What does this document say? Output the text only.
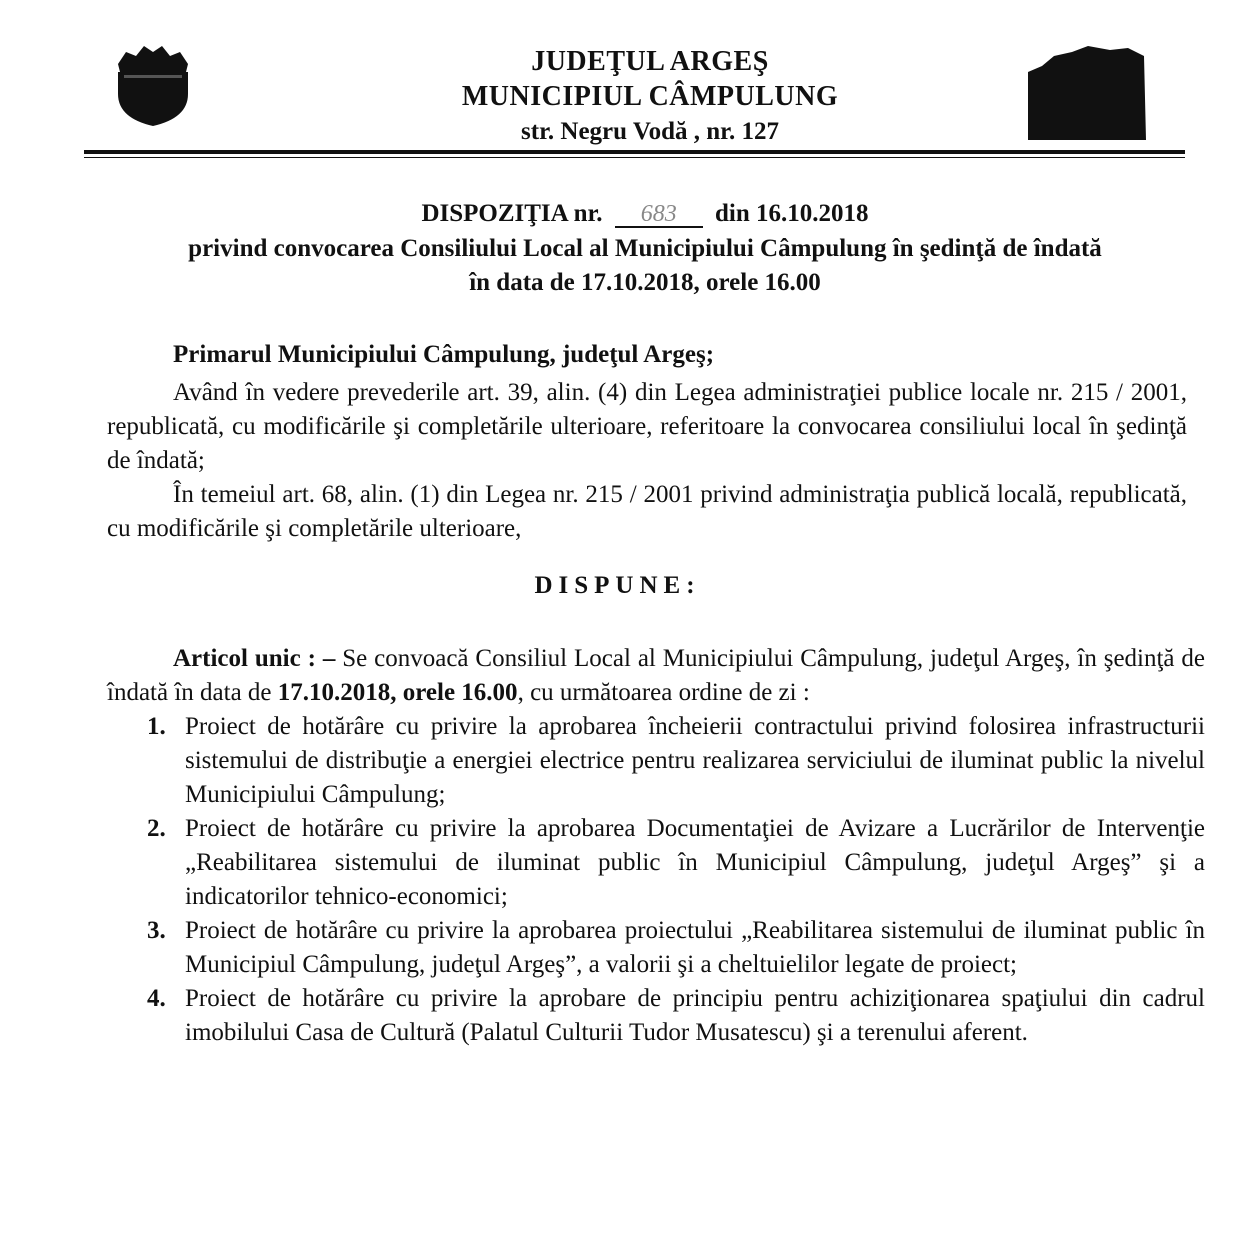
JUDEŢUL ARGEŞ
MUNICIPIUL CÂMPULUNG
str. Negru Vodă , nr. 127
DISPOZIŢIA nr. 683 din 16.10.2018
privind convocarea Consiliului Local al Municipiului Câmpulung în şedinţă de îndată
în data de 17.10.2018, orele 16.00

Primarul Municipiului Câmpulung, judeţul Argeş;

Având în vedere prevederile art. 39, alin. (4) din Legea administraţiei publice locale nr. 215 / 2001, republicată, cu modificările şi completările ulterioare, referitoare la convocarea consiliului local în şedinţă de îndată;

În temeiul art. 68, alin. (1) din Legea nr. 215 / 2001 privind administraţia publică locală, republicată, cu modificările şi completările ulterioare,

DISPUNE:

Articol unic : – Se convoacă Consiliul Local al Municipiului Câmpulung, judeţul Argeş, în şedinţă de îndată în data de 17.10.2018, orele 16.00, cu următoarea ordine de zi :

1. Proiect de hotărâre cu privire la aprobarea încheierii contractului privind folosirea infrastructurii sistemului de distribuţie a energiei electrice pentru realizarea serviciului de iluminat public la nivelul Municipiului Câmpulung;
2. Proiect de hotărâre cu privire la aprobarea Documentaţiei de Avizare a Lucrărilor de Intervenţie „Reabilitarea sistemului de iluminat public în Municipiul Câmpulung, judeţul Argeş” şi a indicatorilor tehnico-economici;
3. Proiect de hotărâre cu privire la aprobarea proiectului „Reabilitarea sistemului de iluminat public în Municipiul Câmpulung, judeţul Argeş”, a valorii şi a cheltuielilor legate de proiect;
4. Proiect de hotărâre cu privire la aprobare de principiu pentru achiziţionarea spaţiului din cadrul imobilului Casa de Cultură (Palatul Culturii Tudor Musatescu) şi a terenului aferent.
